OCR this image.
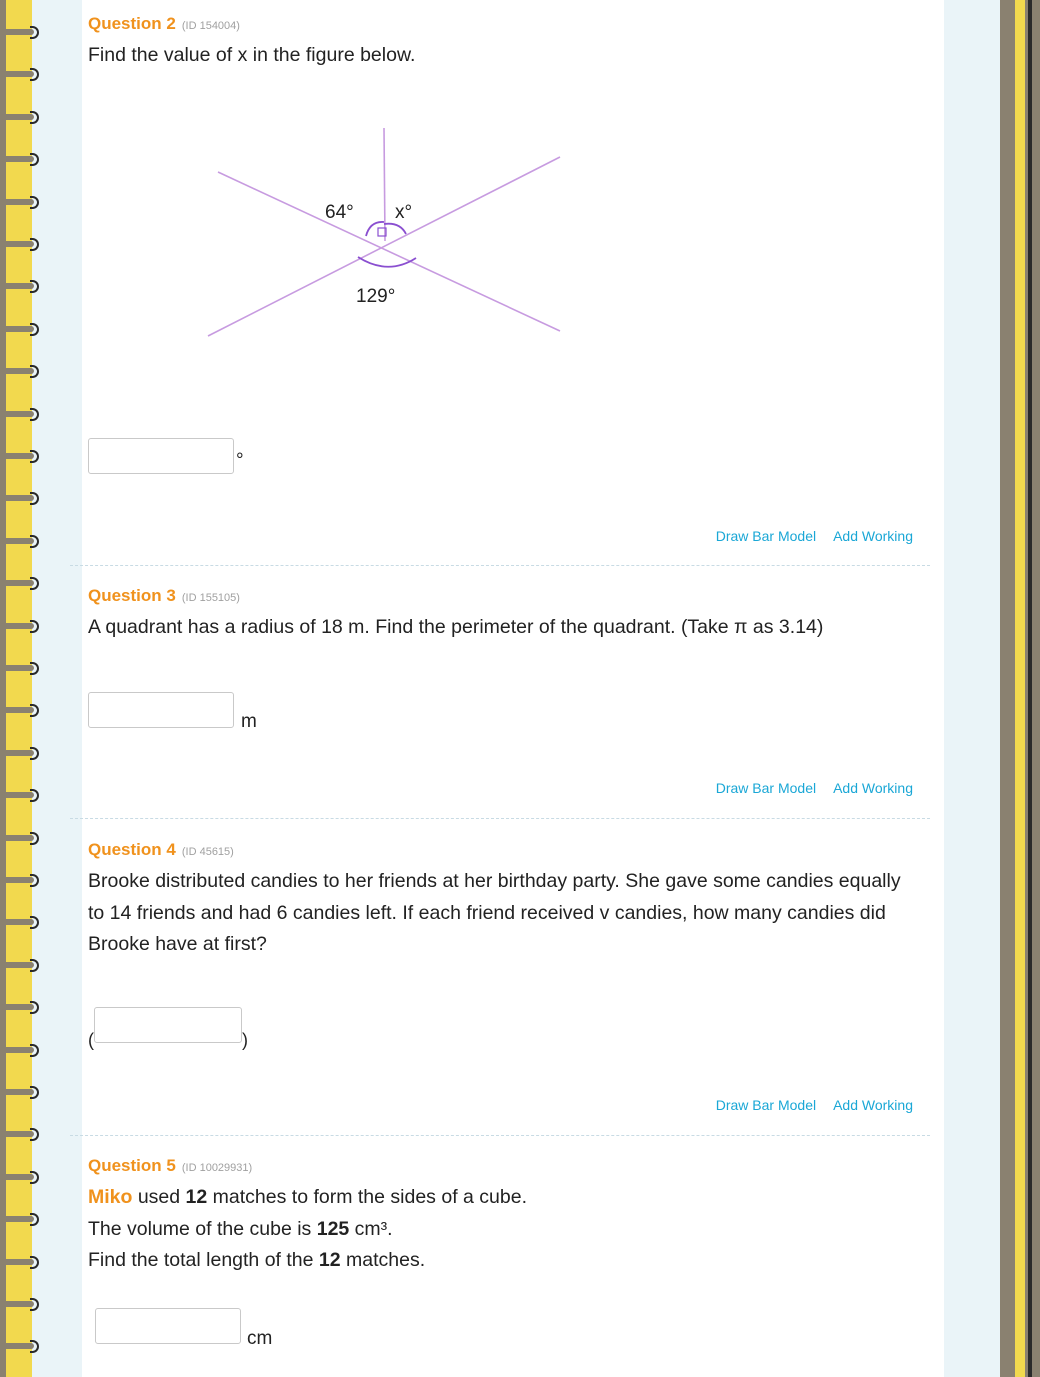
Question 2 (ID 154004)
Find the value of x in the figure below.
64° x°
129°
°
Draw Bar Model Add Working
Question 3 (ID 155105)
A quadrant has a radius of 18 m. Find the perimeter of the quadrant. (Take π as 3.14)
m
Draw Bar Model Add Working
Question 4 (ID 45615)
Brooke distributed candies to her friends at her birthday party. She gave some candies equally to 14 friends and had 6 candies left. If each friend received v candies, how many candies did Brooke have at first?
(	)
Draw Bar Model Add Working
Question 5 (ID 10029931)
Miko used 12 matches to form the sides of a cube.
The volume of the cube is 125 cm³.
Find the total length of the 12 matches.
cm
